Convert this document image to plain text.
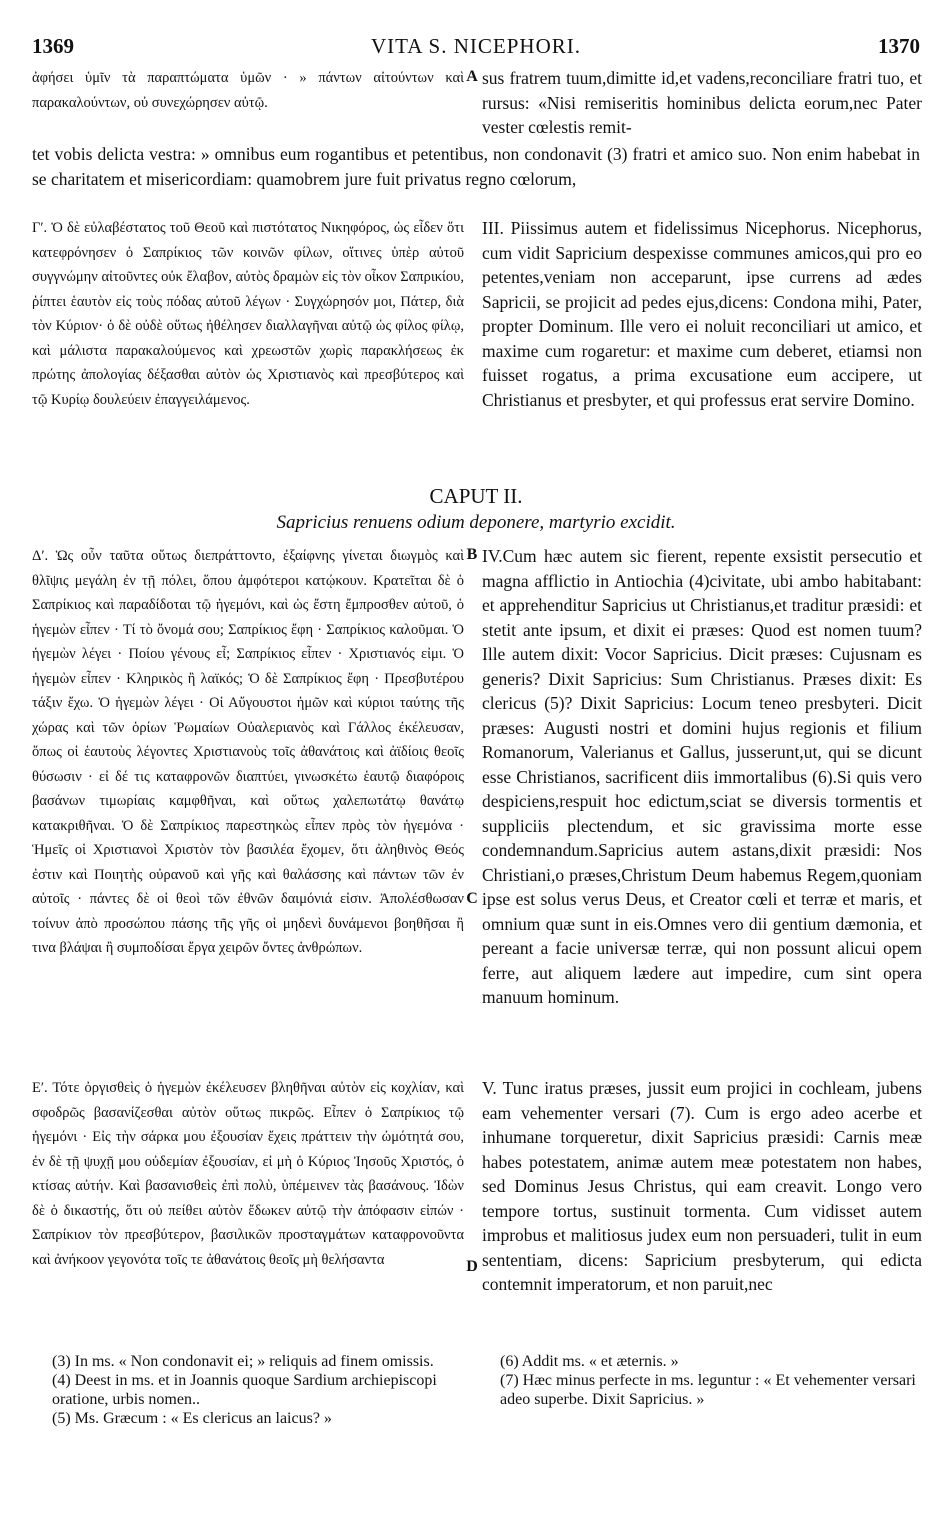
1369	VITA S. NICEPHORI.	1370
ἀφήσει ὑμῖν τὰ παραπτώματα ὑμῶν · » πάντων αἰτούντων καὶ παρακαλούντων, οὐ συνεχώρησεν αὐτῷ.
A sus fratrem tuum,dimitte id,et vadens,reconciliare fratri tuo, et rursus: «Nisi remiseritis hominibus delicta eorum,nec Pater vester cœlestis remit-
tet vobis delicta vestra: » omnibus eum rogantibus et petentibus, non condonavit (3) fratri et amico suo. Non enim habebat in se charitatem et misericordiam: quamobrem jure fuit privatus regno cœlorum,
Γʹ. Ὁ δὲ εὐλαβέστατος τοῦ Θεοῦ καὶ πιστότατος Νικηφόρος, ὡς εἶδεν ὅτι κατεφρόνησεν ὁ Σαπρίκιος τῶν κοινῶν φίλων, οἵτινες ὑπὲρ αὐτοῦ συγγνώμην αἰτοῦντες οὐκ ἔλαβον, αὐτὸς δραμὼν εἰς τὸν οἶκον Σαπρικίου, ῥίπτει ἑαυτὸν εἰς τοὺς πόδας αὐτοῦ λέγων · Συγχώρησόν μοι, Πάτερ, διὰ τὸν Κύριον· ὁ δὲ οὐδὲ οὕτως ἠθέλησεν διαλλαγῆναι αὐτῷ ὡς φίλος φίλῳ, καὶ μάλιστα παρακαλούμενος καὶ χρεωστῶν χωρὶς παρακλήσεως ἐκ πρώτης ἀπολογίας δέξασθαι αὐτὸν ὡς Χριστιανὸς καὶ πρεσβύτερος καὶ τῷ Κυρίῳ δουλεύειν ἐπαγγειλάμενος.
III. Piissimus autem et fidelissimus Nicephorus. Nicephorus, cum vidit Sapricium despexisse communes amicos,qui pro eo petentes,veniam non acceparunt, ipse currens ad ædes Sapricii, se projicit ad pedes ejus,dicens: Condona mihi, Pater, propter Dominum. Ille vero ei noluit reconciliari ut amico, et maxime cum rogaretur: et maxime cum deberet, etiamsi non fuisset rogatus, a prima excusatione eum accipere, ut Christianus et presbyter, et qui professus erat servire Domino.
CAPUT II.
Sapricius renuens odium deponere, martyrio excidit.
Δʹ. Ὡς οὖν ταῦτα οὕτως διεπράττοντο, ἐξαίφνης γίνεται διωγμὸς καὶ θλῖψις μεγάλη ἐν τῇ πόλει, ὅπου ἀμφότεροι κατῴκουν. Κρατεῖται δὲ ὁ Σαπρίκιος καὶ παραδίδοται τῷ ἡγεμόνι, καὶ ὡς ἔστη ἔμπροσθεν αὐτοῦ, ὁ ἡγεμὼν εἶπεν · Τί τὸ ὄνομά σου; Σαπρίκιος ἔφη · Σαπρίκιος καλοῦμαι. Ὁ ἡγεμὼν λέγει · Ποίου γένους εἶ; Σαπρίκιος εἶπεν · Χριστιανός εἰμι. Ὁ ἡγεμὼν εἶπεν · Κληρικὸς ἢ λαϊκός; Ὁ δὲ Σαπρίκιος ἔφη · Πρεσβυτέρου τάξιν ἔχω. Ὁ ἡγεμὼν λέγει · Οἱ Αὔγουστοι ἡμῶν καὶ κύριοι ταύτης τῆς χώρας καὶ τῶν ὁρίων Ῥωμαίων Οὐαλεριανὸς καὶ Γάλλος ἐκέλευσαν, ὅπως οἱ ἑαυτοὺς λέγοντες Χριστιανοὺς τοῖς ἀθανάτοις καὶ ἀϊδίοις θεοῖς θύσωσιν · εἰ δέ τις καταφρονῶν διαπτύει, γινωσκέτω ἑαυτῷ διαφόροις βασάνων τιμωρίαις καμφθῆναι, καὶ οὕτως χαλεπωτάτῳ θανάτῳ κατακριθῆναι. Ὁ δὲ Σαπρίκιος παρεστηκὼς εἶπεν πρὸς τὸν ἡγεμόνα · Ἡμεῖς οἱ Χριστιανοὶ Χριστὸν τὸν βασιλέα ἔχομεν, ὅτι ἀληθινὸς Θεός ἐστιν καὶ Ποιητὴς οὐρανοῦ καὶ γῆς καὶ θαλάσσης καὶ πάντων τῶν ἐν αὐτοῖς · πάντες δὲ οἱ θεοὶ τῶν ἐθνῶν δαιμόνιά εἰσιν. Ἀπολέσθωσαν τοίνυν ἀπὸ προσώπου πάσης τῆς γῆς οἱ μηδενὶ δυνάμενοι βοηθῆσαι ἢ τινα βλάψαι ἢ συμποδίσαι ἔργα χειρῶν ὄντες ἀνθρώπων.
B
C
IV.Cum hæc autem sic fierent, repente exsistit persecutio et magna afflictio in Antiochia (4)civitate, ubi ambo habitabant: et apprehenditur Sapricius ut Christianus,et traditur præsidi: et stetit ante ipsum, et dixit ei præses: Quod est nomen tuum? Ille autem dixit: Vocor Sapricius. Dicit præses: Cujusnam es generis? Dixit Sapricius: Sum Christianus. Præses dixit: Es clericus (5)? Dixit Sapricius: Locum teneo presbyteri. Dicit præses: Augusti nostri et domini hujus regionis et filium Romanorum, Valerianus et Gallus, jusserunt,ut, qui se dicunt esse Christianos, sacrificent diis immortalibus (6).Si quis vero despiciens,respuit hoc edictum,sciat se diversis tormentis et suppliciis plectendum, et sic gravissima morte esse condemnandum.Sapricius autem astans,dixit præsidi: Nos Christiani,o præses,Christum Deum habemus Regem,quoniam ipse est solus verus Deus, et Creator cœli et terræ et maris, et omnium quæ sunt in eis.Omnes vero dii gentium dæmonia, et pereant a facie universæ terræ, qui non possunt alicui opem ferre, aut aliquem lædere aut impedire, cum sint opera manuum hominum.
Εʹ. Τότε ὀργισθεὶς ὁ ἡγεμὼν ἐκέλευσεν βληθῆναι αὐτὸν εἰς κοχλίαν, καὶ σφοδρῶς βασανίζεσθαι αὐτὸν οὕτως πικρῶς. Εἶπεν ὁ Σαπρίκιος τῷ ἡγεμόνι · Εἰς τὴν σάρκα μου ἐξουσίαν ἔχεις πράττειν τὴν ὠμότητά σου, ἐν δὲ τῇ ψυχῇ μου οὐδεμίαν ἐξουσίαν, εἰ μὴ ὁ Κύριος Ἰησοῦς Χριστός, ὁ κτίσας αὐτήν. Καὶ βασανισθεὶς ἐπὶ πολὺ, ὑπέμεινεν τὰς βασάνους. Ἰδὼν δὲ ὁ δικαστής, ὅτι οὐ πείθει αὐτὸν ἔδωκεν αὐτῷ τὴν ἀπόφασιν εἰπών · Σαπρίκιον τὸν πρεσβύτερον, βασιλικῶν προσταγμάτων καταφρονοῦντα καὶ ἀνήκοον γεγονότα τοῖς τε ἀθανάτοις θεοῖς μὴ θελήσαντα	D
V. Tunc iratus præses, jussit eum projici in cochleam, jubens eam vehementer versari (7). Cum is ergo adeo acerbe et inhumane torqueretur, dixit Sapricius præsidi: Carnis meæ habes potestatem, animæ autem meæ potestatem non habes, sed Dominus Jesus Christus, qui eam creavit. Longo vero tempore tortus, sustinuit tormenta. Cum vidisset autem improbus et malitiosus judex eum non persuaderi, tulit in eum sententiam, dicens: Sapricium presbyterum, qui edicta contemnit imperatorum, et non paruit,nec

(3) In ms. « Non condonavit ei; » reliquis ad finem omissis.

(4) Deest in ms. et in Joannis quoque Sardium archiepiscopi oratione, urbis nomen..

(5) Ms. Græcum : « Es clericus an laicus? »

(6) Addit ms. « et æternis. »

(7) Hæc minus perfecte in ms. leguntur : « Et vehementer versari adeo superbe. Dixit Sapricius. »
